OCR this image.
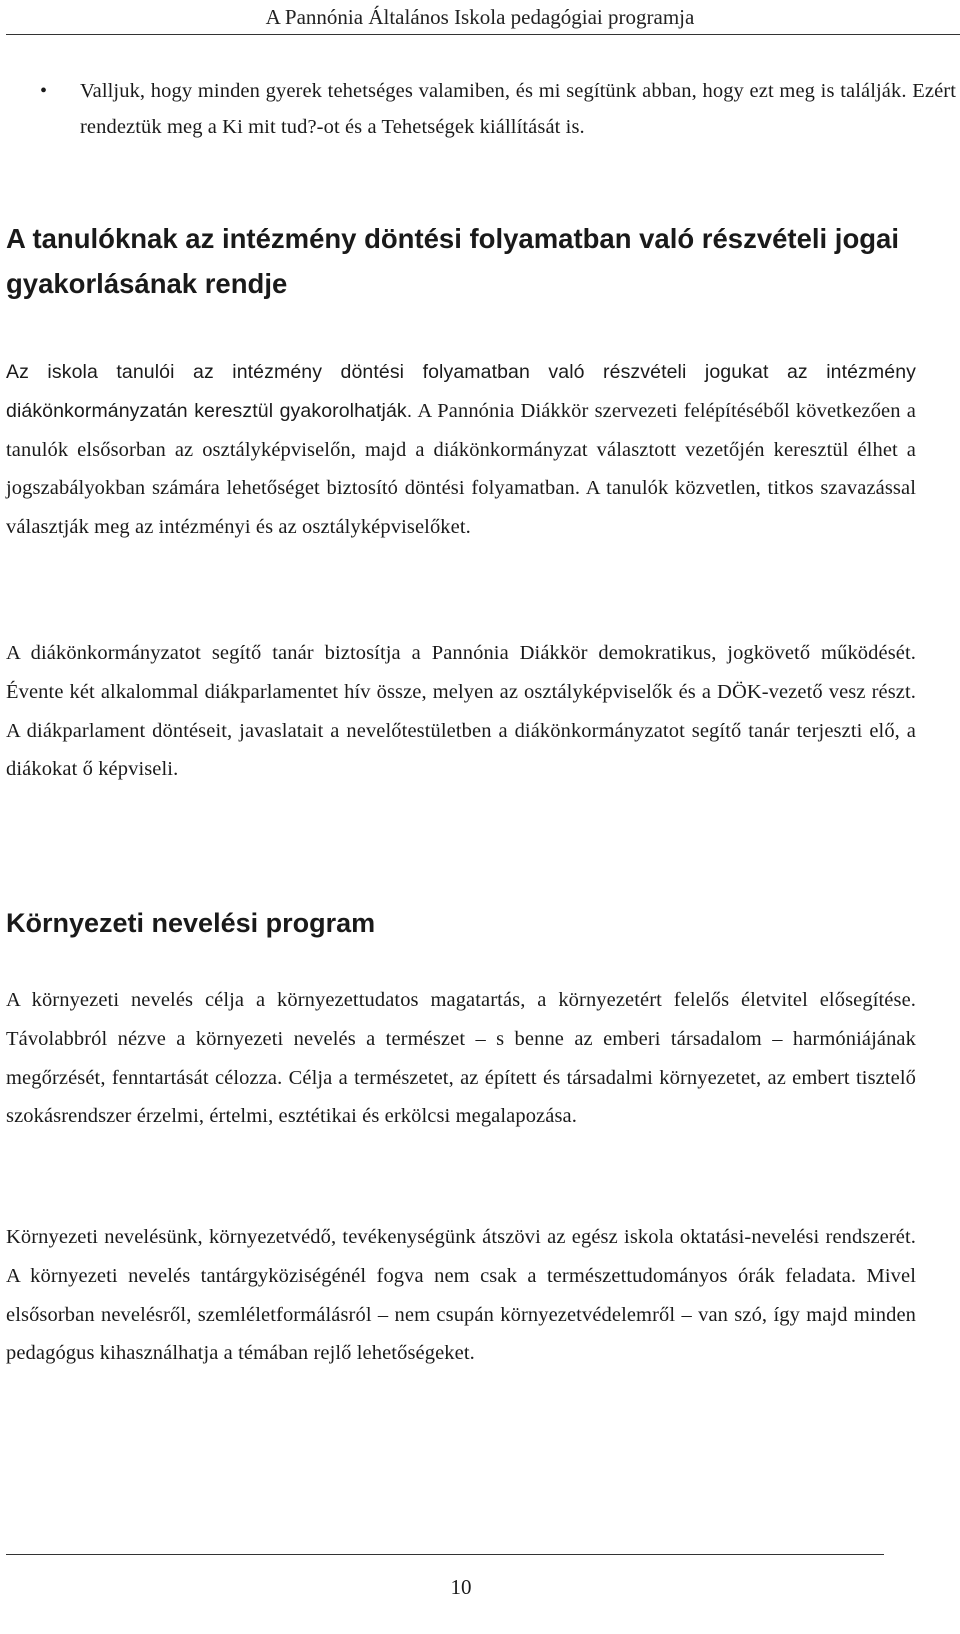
A Pannónia Általános Iskola pedagógiai programja
• Valljuk, hogy minden gyerek tehetséges valamiben, és mi segítünk abban, hogy ezt meg is találják. Ezért rendeztük meg a Ki mit tud?-ot és a Tehetségek kiállítását is.
A tanulóknak az intézmény döntési folyamatban való részvételi jogai gyakorlásának rendje

Az iskola tanulói az intézmény döntési folyamatban való részvételi jogukat az intézmény diákönkormányzatán keresztül gyakorolhatják. A Pannónia Diákkör szervezeti felépítéséből következően a tanulók elsősorban az osztályképviselőn, majd a diákönkormányzat választott vezetőjén keresztül élhet a jogszabályokban számára lehetőséget biztosító döntési folyamatban. A tanulók közvetlen, titkos szavazással választják meg az intézményi és az osztályképviselőket.

A diákönkormányzatot segítő tanár biztosítja a Pannónia Diákkör demokratikus, jogkövető működését. Évente két alkalommal diákparlamentet hív össze, melyen az osztályképviselők és a DÖK-vezető vesz részt. A diákparlament döntéseit, javaslatait a nevelőtestületben a diákönkormányzatot segítő tanár terjeszti elő, a diákokat ő képviseli.

Környezeti nevelési program

A környezeti nevelés célja a környezettudatos magatartás, a környezetért felelős életvitel elősegítése. Távolabbról nézve a környezeti nevelés a természet – s benne az emberi társadalom – harmóniájának megőrzését, fenntartását célozza. Célja a természetet, az épített és társadalmi környezetet, az embert tisztelő szokásrendszer érzelmi, értelmi, esztétikai és erkölcsi megalapozása.

Környezeti nevelésünk, környezetvédő, tevékenységünk átszövi az egész iskola oktatási-nevelési rendszerét. A környezeti nevelés tantárgyköziségénél fogva nem csak a természettudományos órák feladata. Mivel elsősorban nevelésről, szemléletformálásról – nem csupán környezetvédelemről – van szó, így majd minden pedagógus kihasználhatja a témában rejlő lehetőségeket.

10
